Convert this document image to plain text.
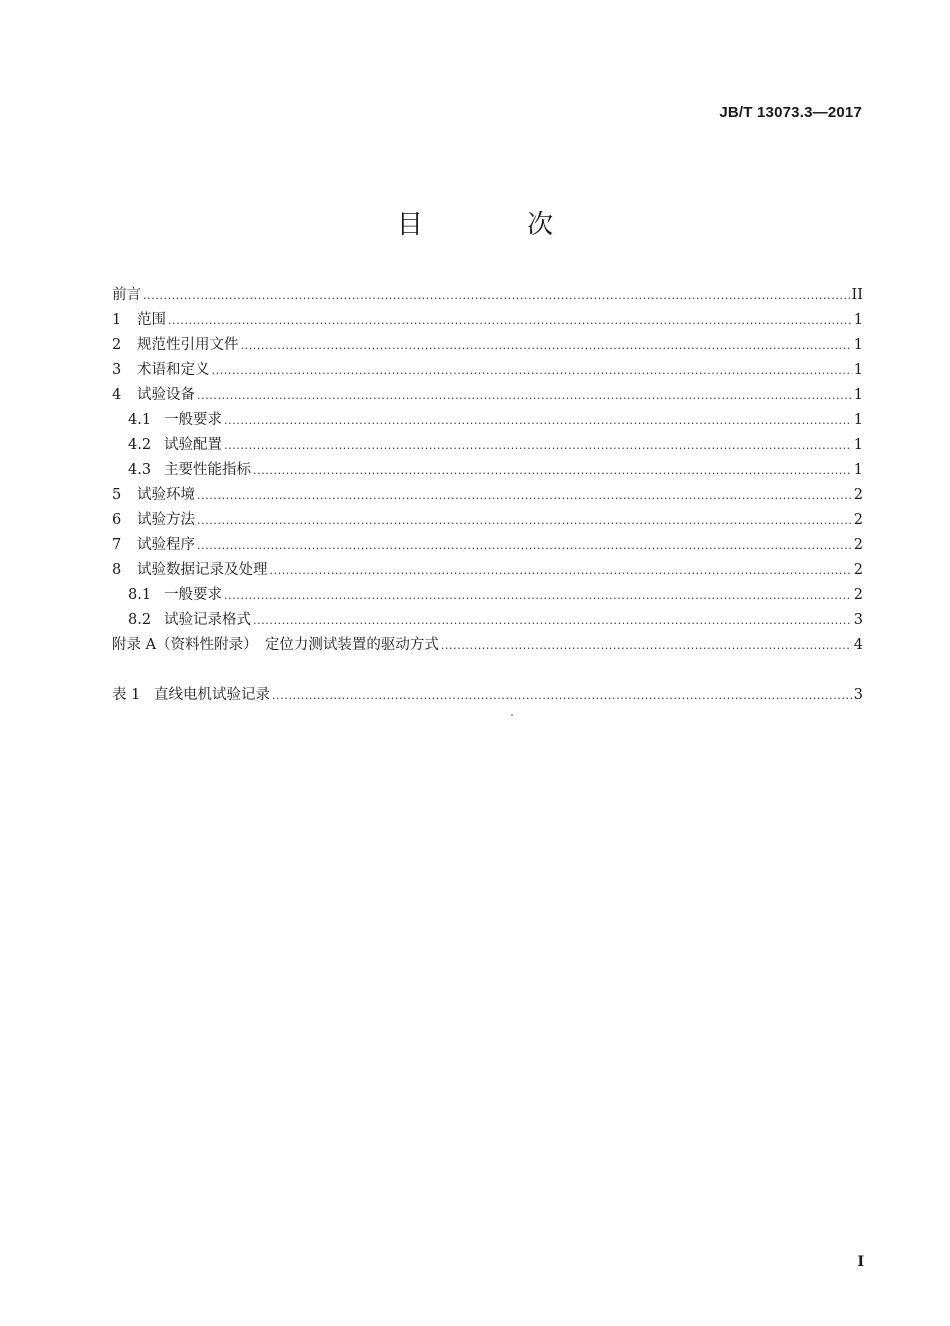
JB/T 13073.3—2017
目 次
前言 .....	II
1	范围 .....	1
2	规范性引用文件 .....	1
3	术语和定义 .....	1
4	试验设备 .....	1
4.1 一般要求 .....	1
4.2 试验配置 .....	1
4.3 主要性能指标 .....	1
5	试验环境 .....	2
6	试验方法 .....	2
7	试验程序 .....	2
8	试验数据记录及处理 .....	2
8.1 一般要求 .....	2
8.2 试验记录格式 .....	3
附录 A（资料性附录）　定位力测试装置的驱动方式 .....	4
表 1 直线电机试验记录 .....	3
I
